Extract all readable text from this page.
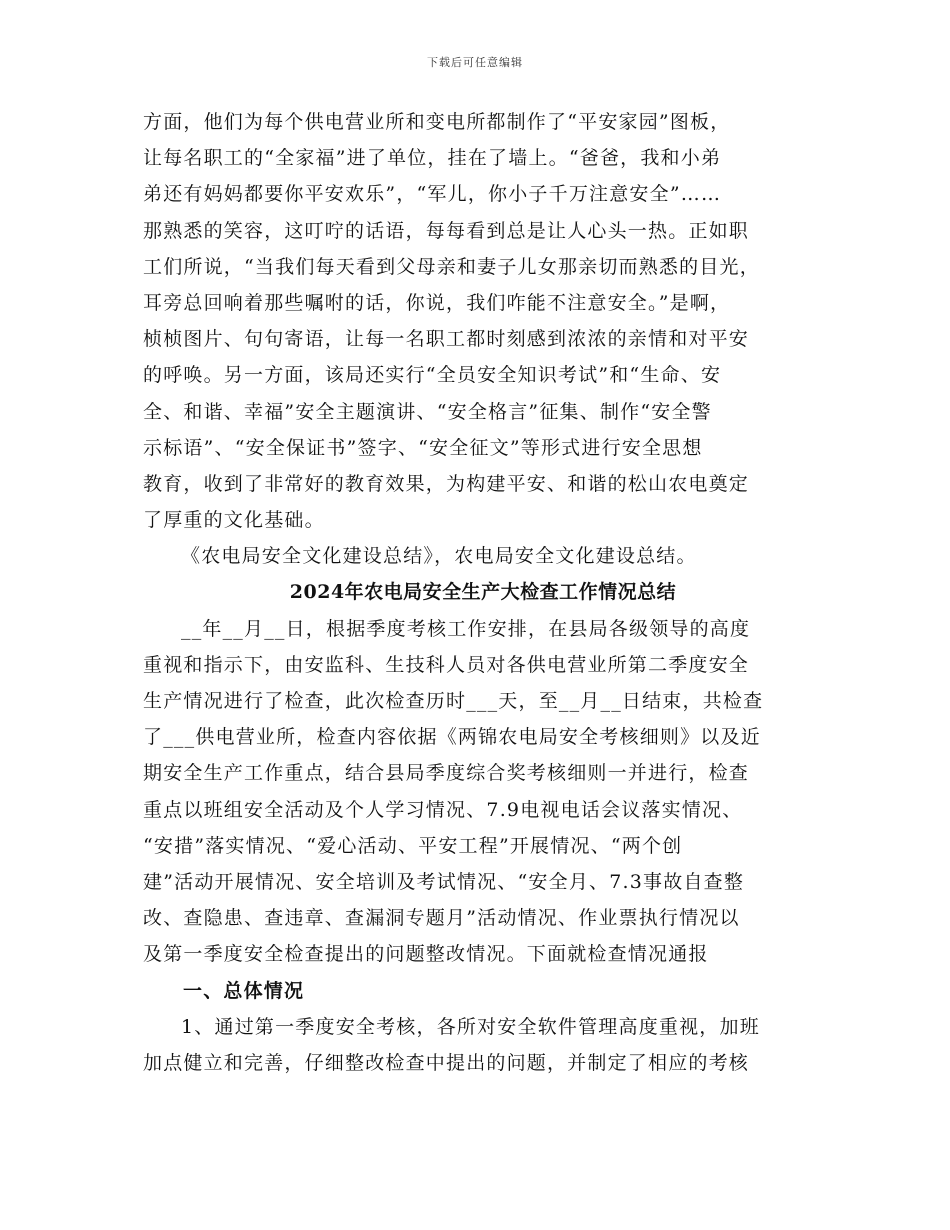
下载后可任意编辑
方面，他们为每个供电营业所和变电所都制作了“平安家园”图板，
让每名职工的“全家福”进了单位，挂在了墙上。“爸爸，我和小弟
弟还有妈妈都要你平安欢乐”，“军儿，你小子千万注意安全”……
那熟悉的笑容，这叮咛的话语，每每看到总是让人心头一热。正如职
工们所说，“当我们每天看到父母亲和妻子儿女那亲切而熟悉的目光，
耳旁总回响着那些嘱咐的话，你说，我们咋能不注意安全。”是啊，
桢桢图片、句句寄语，让每一名职工都时刻感到浓浓的亲情和对平安
的呼唤。另一方面，该局还实行“全员安全知识考试”和“生命、安
全、和谐、幸福”安全主题演讲、“安全格言”征集、制作“安全警
示标语”、“安全保证书”签字、“安全征文”等形式进行安全思想
教育，收到了非常好的教育效果，为构建平安、和谐的松山农电奠定
了厚重的文化基础。
《农电局安全文化建设总结》，农电局安全文化建设总结。
2024年农电局安全生产大检查工作情况总结
__年__月__日，根据季度考核工作安排，在县局各级领导的高度
重视和指示下，由安监科、生技科人员对各供电营业所第二季度安全
生产情况进行了检查，此次检查历时___天，至__月__日结束，共检查
了___供电营业所，检查内容依据《两锦农电局安全考核细则》以及近
期安全生产工作重点，结合县局季度综合奖考核细则一并进行，检查
重点以班组安全活动及个人学习情况、7.9电视电话会议落实情况、
“安措”落实情况、“爱心活动、平安工程”开展情况、“两个创
建”活动开展情况、安全培训及考试情况、“安全月、7.3事故自查整
改、查隐患、查违章、查漏洞专题月”活动情况、作业票执行情况以
及第一季度安全检查提出的问题整改情况。下面就检查情况通报
一、总体情况
1、通过第一季度安全考核，各所对安全软件管理高度重视，加班
加点健立和完善，仔细整改检查中提出的问题，并制定了相应的考核
